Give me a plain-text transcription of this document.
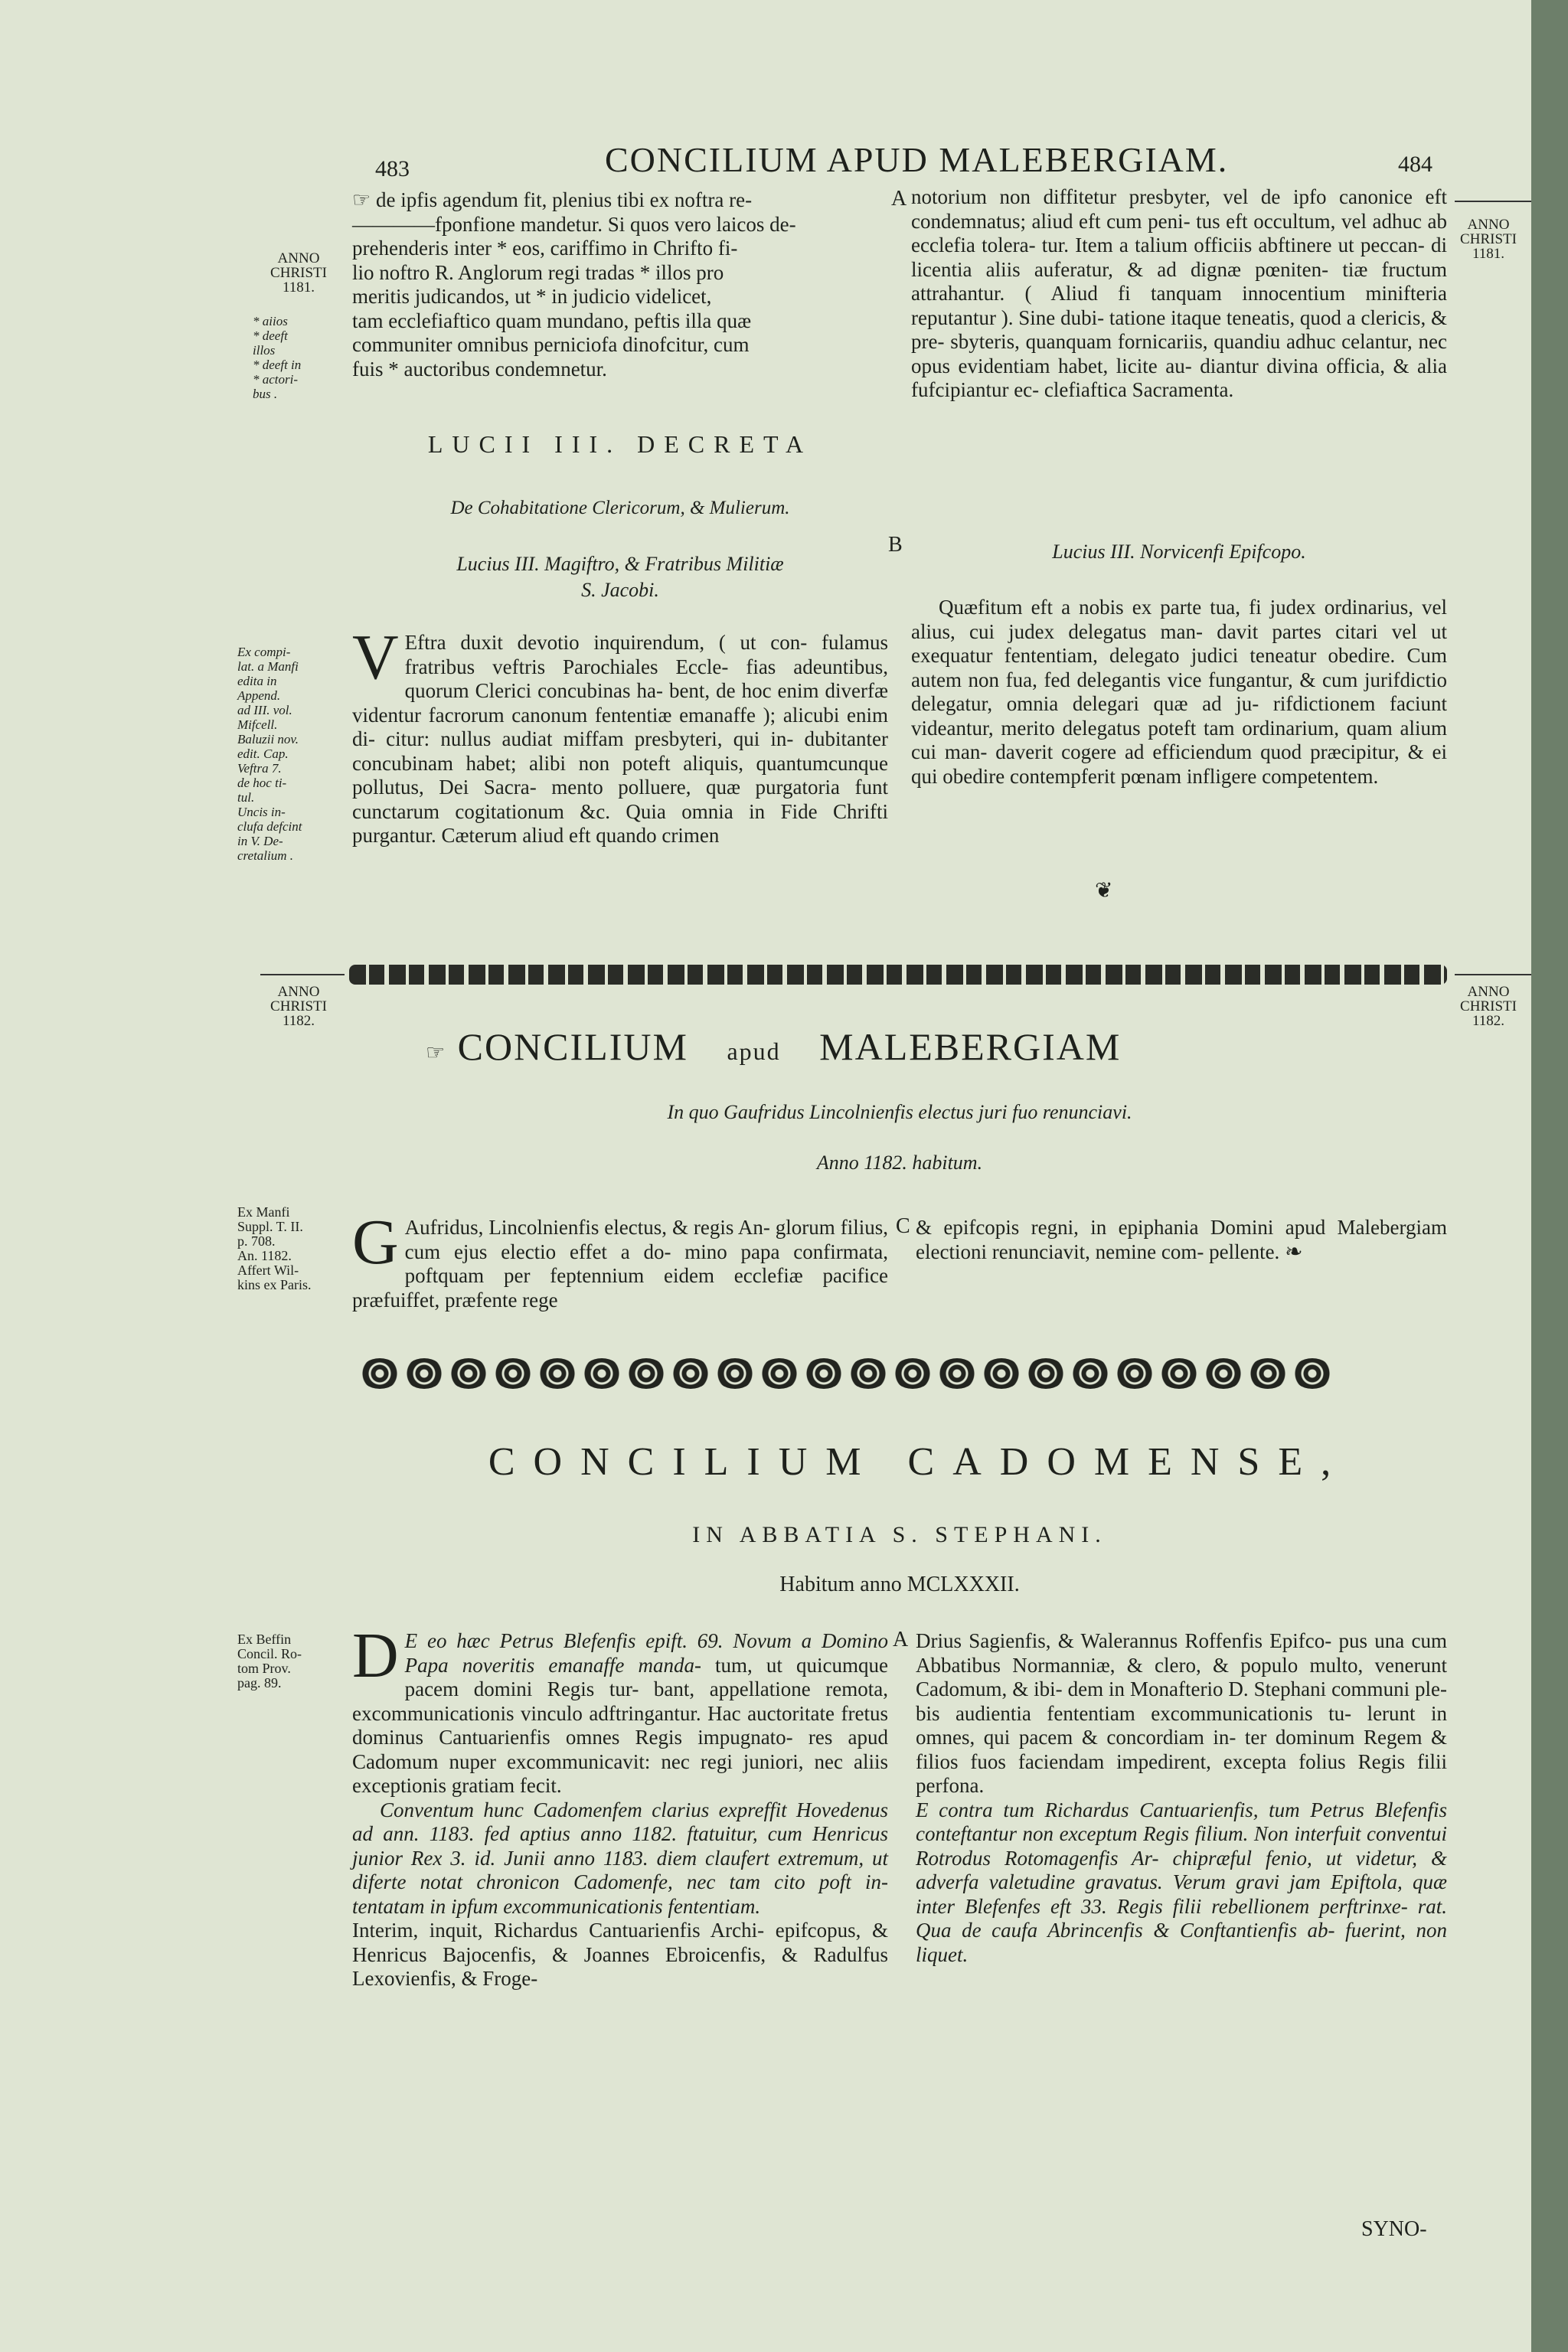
483	CONCILIUM APUD MALEBERGIAM.	484
ANNO
CHRISTI
1181.
* aiios
* deeft
illos
* deeft in
* actori-
bus .
ANNO
CHRISTI
1181.

☞ de ipfis agendum fit, plenius tibi ex noftra re-

――――fponfione mandetur. Si quos vero laicos de-

prehenderis inter * eos, cariffimo in Chrifto fi-

lio noftro R. Anglorum regi tradas * illos pro

meritis judicandos, ut * in judicio videlicet,

tam ecclefiaftico quam mundano, peftis illa quæ

communiter omnibus perniciofa dinofcitur, cum

fuis * auctoribus condemnetur.

A
B
LUCII III. DECRETA
De Cohabitatione Clericorum, & Mulierum.
Lucius III. Magiftro, & Fratribus Militiæ
S. Jacobi.
Ex compi-
lat. a Manfi
edita in
Append.
ad III. vol.
Mifcell.
Baluzii nov.
edit. Cap.
Veftra 7.
de hoc ti-
tul.
Uncis in-
clufa defcint
in V. De-
cretalium .
V Eftra duxit devotio inquirendum, ( ut con- fulamus fratribus veftris Parochiales Eccle- fias adeuntibus, quorum Clerici concubinas ha- bent, de hoc enim diverfæ videntur facrorum canonum fententiæ emanaffe ); alicubi enim di- citur: nullus audiat miffam presbyteri, qui in- dubitanter concubinam habet; alibi non poteft aliquis, quantumcunque pollutus, Dei Sacra- mento polluere, quæ purgatoria funt cunctarum cogitationum &c. Quia omnia in Fide Chrifti purgantur. Cæterum aliud eft quando crimen
notorium non diffitetur presbyter, vel de ipfo canonice eft condemnatus; aliud eft cum peni- tus eft occultum, vel adhuc ab ecclefia tolera- tur. Item a talium officiis abftinere ut peccan- di licentia aliis auferatur, & ad dignæ pœniten- tiæ fructum attrahantur. ( Aliud fi tanquam innocentium minifteria reputantur ). Sine dubi- tatione itaque teneatis, quod a clericis, & pre- sbyteris, quanquam fornicariis, quandiu adhuc celantur, nec opus evidentiam habet, licite au- diantur divina officia, & alia fufcipiantur ec- clefiaftica Sacramenta.
Lucius III. Norvicenfi Epifcopo.
Quæfitum eft a nobis ex parte tua, fi judex ordinarius, vel alius, cui judex delegatus man- davit partes citari vel ut exequatur fententiam, delegato judici teneatur obedire. Cum autem non fua, fed delegantis vice fungantur, & cum jurifdictio delegatur, omnia delegari quæ ad ju- rifdictionem faciunt videantur, merito delegatus poteft tam ordinarium, quam alium cui man- daverit cogere ad efficiendum quod præcipitur, & ei qui obedire contempferit pœnam infligere competentem.
❦
ANNO
CHRISTI
1182.
ANNO
CHRISTI
1182.
☞ CONCILIUM apud MALEBERGIAM
In quo Gaufridus Lincolnienfis electus juri fuo renunciavi.
Anno 1182. habitum.
Ex Manfi
Suppl. T. II.
p. 708.
An. 1182.
Affert Wil-
kins ex Paris.
G Aufridus, Lincolnienfis electus, & regis An- glorum filius, cum ejus electio effet a do- mino papa confirmata, poftquam per feptennium eidem ecclefiæ pacifice præfuiffet, præfente rege
C & epifcopis regni, in epiphania Domini apud Malebergiam electioni renunciavit, nemine com- pellente. ❧
CONCILIUM CADOMENSE,
IN ABBATIA S. STEPHANI.
Habitum anno MCLXXXII.
Ex Beffin
Concil. Ro-
tom Prov.
pag. 89.	D E eo hæc Petrus Blefenfis epift. 69. Novum a Domino Papa noveritis emanaffe manda- tum, ut quicumque pacem domini Regis tur- bant, appellatione remota, excommunicationis vinculo adftringantur. Hac auctoritate fretus dominus Cantuarienfis omnes Regis impugnato- res apud Cadomum nuper excommunicavit: nec regi juniori, nec aliis exceptionis gratiam fecit.

Conventum hunc Cadomenfem clarius expreffit Hovedenus ad ann. 1183. fed aptius anno 1182. ftatuitur, cum Henricus junior Rex 3. id. Junii anno 1183. diem claufert extremum, ut diferte notat chronicon Cadomenfe, nec tam cito poft in- tentatam in ipfum excommunicationis fententiam.

Interim, inquit, Richardus Cantuarienfis Archi- epifcopus, & Henricus Bajocenfis, & Joannes Ebroicenfis, & Radulfus Lexovienfis, & Froge-

A Drius Sagienfis, & Walerannus Roffenfis Epifco- pus una cum Abbatibus Normanniæ, & clero, & populo multo, venerunt Cadomum, & ibi- dem in Monafterio D. Stephani communi ple- bis audientia fententiam excommunicationis tu- lerunt in omnes, qui pacem & concordiam in- ter dominum Regem & filios fuos faciendam impedirent, excepta folius Regis filii perfona.

E contra tum Richardus Cantuarienfis, tum Petrus Blefenfis conteftantur non exceptum Regis filium. Non interfuit conventui Rotrodus Rotomagenfis Ar- chipræful fenio, ut videtur, & adverfa valetudine gravatus. Verum gravi jam Epiftola, quæ inter Blefenfes eft 33. Regis filii rebellionem perftrinxe- rat. Qua de caufa Abrincenfis & Conftantienfis ab- fuerint, non liquet.

SYNO-
